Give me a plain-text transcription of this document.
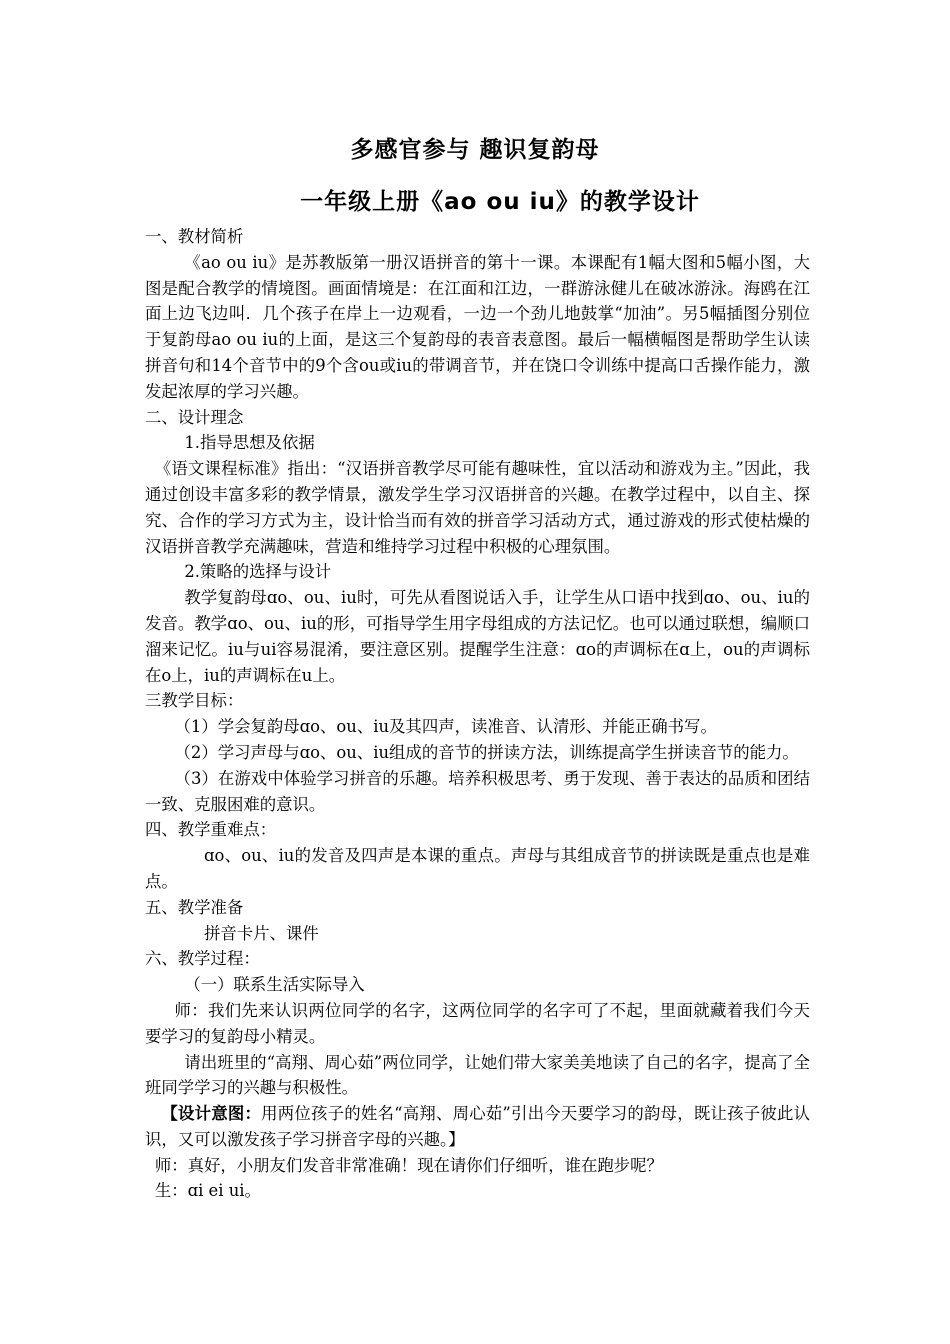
多感官参与 趣识复韵母
一年级上册《ao ou iu》的教学设计

一、教材简析

《ao ou iu》是苏教版第一册汉语拼音的第十一课。本课配有1幅大图和5幅小图，大图是配合教学的情境图。画面情境是：在江面和江边，一群游泳健儿在破冰游泳。海鸥在江面上边飞边叫．几个孩子在岸上一边观看，一边一个劲儿地鼓掌“加油”。另5幅插图分别位于复韵母ao ou iu的上面，是这三个复韵母的表音表意图。最后一幅横幅图是帮助学生认读拼音句和14个音节中的9个含ou或iu的带调音节，并在饶口令训练中提高口舌操作能力，激发起浓厚的学习兴趣。

二、设计理念

1.指导思想及依据

《语文课程标准》指出：“汉语拼音教学尽可能有趣味性，宜以活动和游戏为主。”因此，我通过创设丰富多彩的教学情景，激发学生学习汉语拼音的兴趣。在教学过程中，以自主、探究、合作的学习方式为主，设计恰当而有效的拼音学习活动方式，通过游戏的形式使枯燥的汉语拼音教学充满趣味，营造和维持学习过程中积极的心理氛围。

2.策略的选择与设计

教学复韵母ɑo、ou、iu时，可先从看图说话入手，让学生从口语中找到ɑo、ou、iu的发音。教学ɑo、ou、iu的形，可指导学生用字母组成的方法记忆。也可以通过联想，编顺口溜来记忆。iu与ui容易混淆，要注意区别。提醒学生注意：ɑo的声调标在ɑ上，ou的声调标在o上，iu的声调标在u上。

三教学目标：

（1）学会复韵母ɑo、ou、iu及其四声，读准音、认清形、并能正确书写。

（2）学习声母与ɑo、ou、iu组成的音节的拼读方法，训练提高学生拼读音节的能力。

（3）在游戏中体验学习拼音的乐趣。培养积极思考、勇于发现、善于表达的品质和团结一致、克服困难的意识。

四、教学重难点：

ɑo、ou、iu的发音及四声是本课的重点。声母与其组成音节的拼读既是重点也是难点。

五、教学准备

拼音卡片、课件

六、教学过程：

（一）联系生活实际导入

师：我们先来认识两位同学的名字，这两位同学的名字可了不起，里面就藏着我们今天要学习的复韵母小精灵。

请出班里的“高翔、周心茹”两位同学，让她们带大家美美地读了自己的名字，提高了全班同学学习的兴趣与积极性。

【设计意图：用两位孩子的姓名“高翔、周心茹”引出今天要学习的韵母，既让孩子彼此认识，又可以激发孩子学习拼音字母的兴趣。】

师：真好，小朋友们发音非常准确！现在请你们仔细听，谁在跑步呢？

生：ɑi ei ui。
